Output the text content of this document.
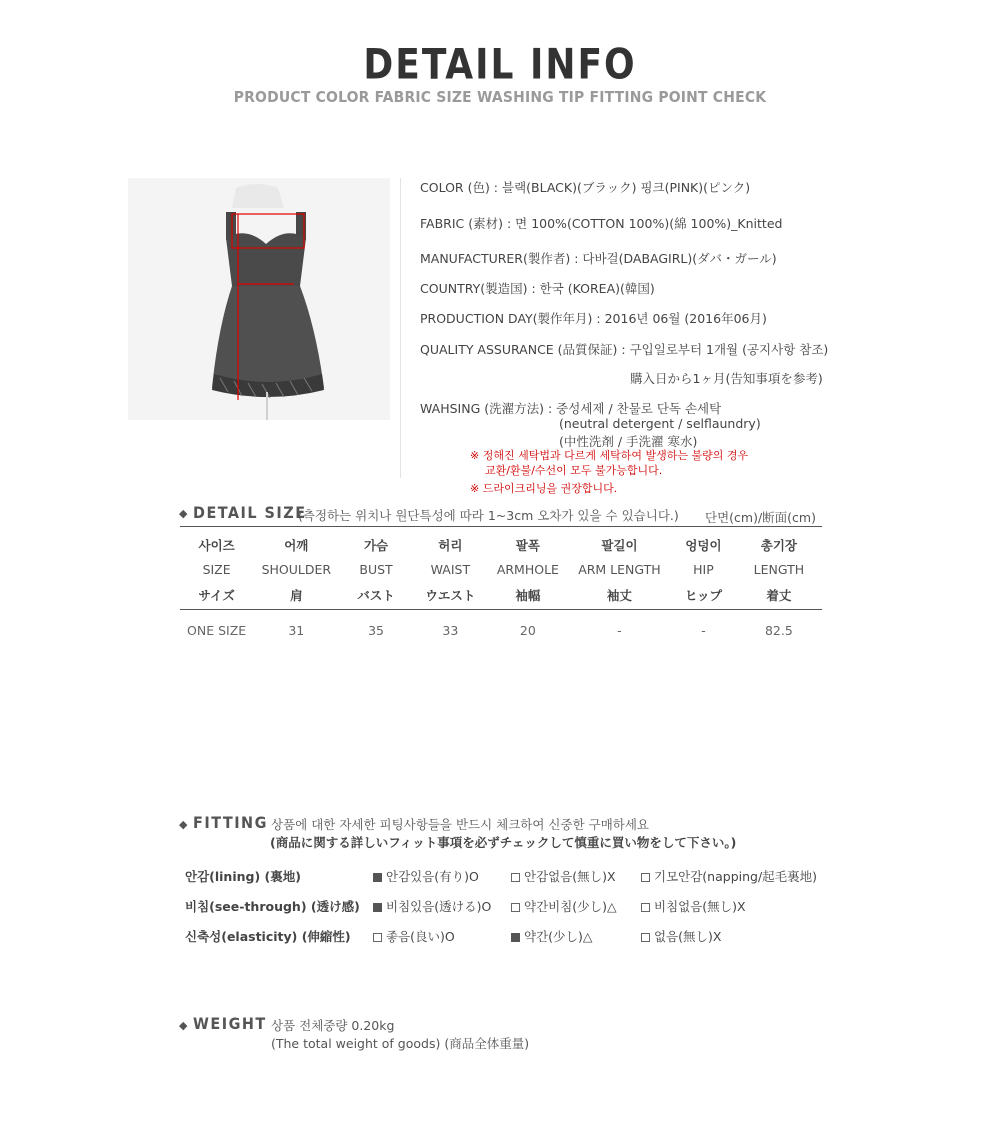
DETAIL INFO
PRODUCT COLOR FABRIC SIZE WASHING TIP FITTING POINT CHECK
COLOR (色) : 블랙(BLACK)(ブラック) 핑크(PINK)(ピンク)
FABRIC (素材) : 면 100%(COTTON 100%)(綿 100%)_Knitted
MANUFACTURER(製作者) : 다바걸(DABAGIRL)(ダバ・ガール)
COUNTRY(製造国) : 한국 (KOREA)(韓国)
PRODUCTION DAY(製作年月) : 2016년 06월 (2016年06月)
QUALITY ASSURANCE (品質保証) : 구입일로부터 1개월 (공지사항 참조)
購入日から1ヶ月(告知事項を参考)
WAHSING (洗濯方法) : 중성세제 / 찬물로 단독 손세탁
(neutral detergent / selflaundry)
(中性洗剤 / 手洗濯 寒水)
※ 정해진 세탁법과 다르게 세탁하여 발생하는 불량의 경우
교환/환불/수선이 모두 불가능합니다.
※ 드라이크리닝을 권장합니다.
◆ DETAIL SIZE
(측정하는 위치나 원단특성에 따라 1~3cm 오차가 있을 수 있습니다.) 단면(cm)/断面(cm)
사이즈	어깨	가슴	허리	팔폭	팔길이	엉덩이	총기장
SIZE	SHOULDER	BUST	WAIST	ARMHOLE	ARM LENGTH	HIP	LENGTH
サイズ	肩	バスト	ウエスト	袖幅	袖丈	ヒップ	着丈
ONE SIZE	31	35	33	20	-	-	82.5
◆ FITTING 상품에 대한 자세한 피팅사항들을 반드시 체크하여 신중한 구매하세요
(商品に関する詳しいフィット事項を必ずチェックして慎重に買い物をして下さい。)
안감(lining) (裏地)	안감있음(有り)O	안감없음(無し)X	기모안감(napping/起毛裏地)
비침(see-through) (透け感)	비침있음(透ける)O	약간비침(少し)△	비침없음(無し)X
신축성(elasticity) (伸縮性)	좋음(良い)O	약간(少し)△	없음(無し)X
◆ WEIGHT 상품 전체중량 0.20kg
(The total weight of goods) (商品全体重量)
